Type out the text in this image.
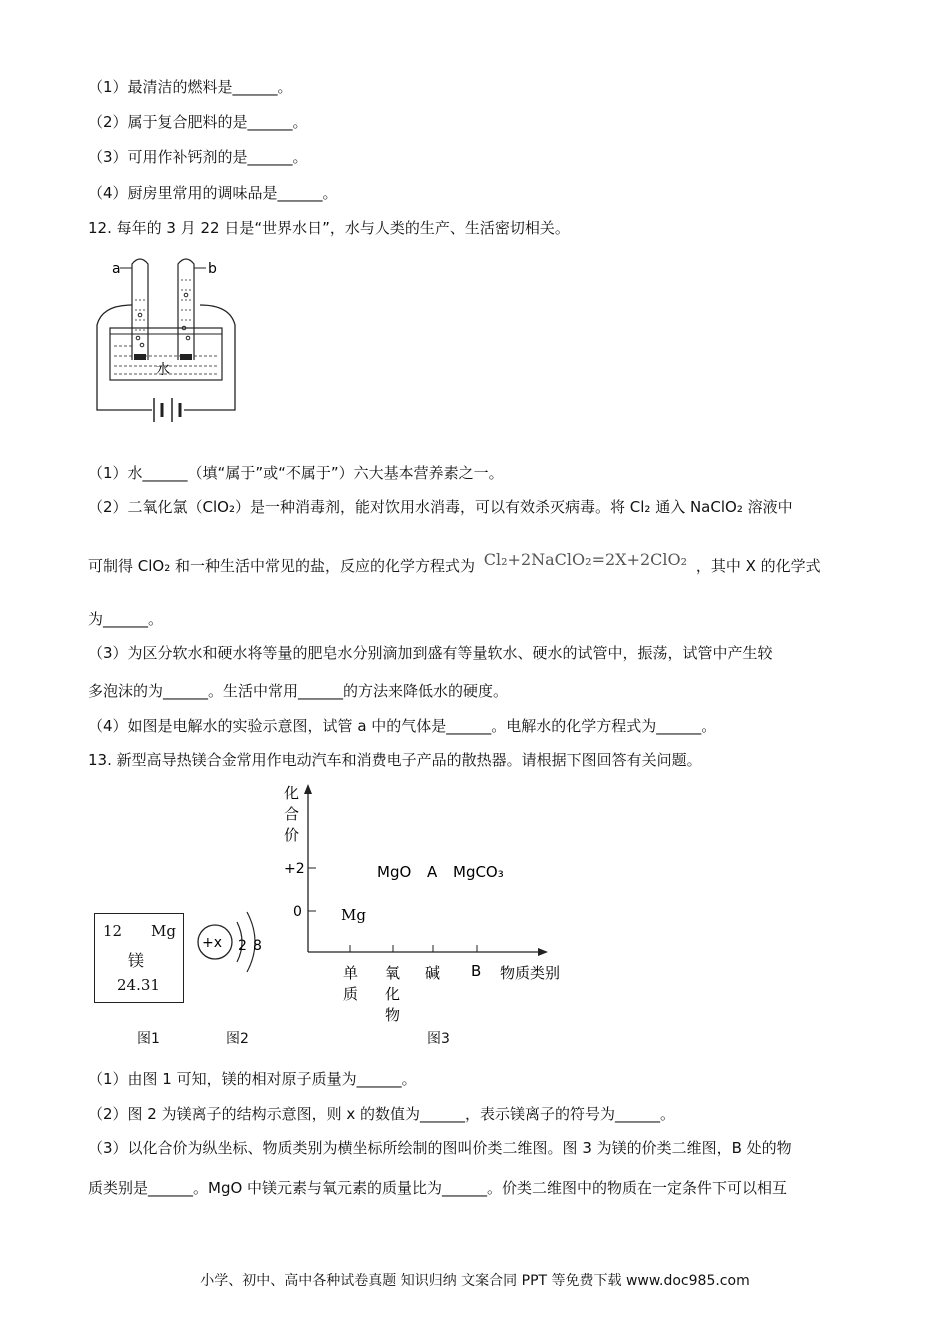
（1）最清洁的燃料是______。
（2）属于复合肥料的是______。
（3）可用作补钙剂的是______。
（4）厨房里常用的调味品是______。
12. 每年的 3 月 22 日是“世界水日”，水与人类的生产、生活密切相关。
a	b
水
（1）水______（填“属于”或“不属于”）六大基本营养素之一。
（2）二氧化氯（ClO₂）是一种消毒剂，能对饮用水消毒，可以有效杀灭病毒。将 Cl₂ 通入 NaClO₂ 溶液中
可制得 ClO₂ 和一种生活中常见的盐，反应的化学方程式为 Cl₂+2NaClO₂=2X+2ClO₂ ，其中 X 的化学式
为______。
（3）为区分软水和硬水将等量的肥皂水分别滴加到盛有等量软水、硬水的试管中，振荡，试管中产生较
多泡沫的为______。生活中常用______的方法来降低水的硬度。
（4）如图是电解水的实验示意图，试管 a 中的气体是______。电解水的化学方程式为______。
13. 新型高导热镁合金常用作电动汽车和消费电子产品的散热器。请根据下图回答有关问题。
12 Mg
镁
24.31
图1
+x 2 8
图2
化
合
价
+2
0	Mg
MgO A MgCO₃
单
质
氧
化
物
碱 B 物质类别
图3
（1）由图 1 可知，镁的相对原子质量为______。
（2）图 2 为镁离子的结构示意图，则 x 的数值为______，表示镁离子的符号为______。
（3）以化合价为纵坐标、物质类别为横坐标所绘制的图叫价类二维图。图 3 为镁的价类二维图，B 处的物
质类别是______。MgO 中镁元素与氧元素的质量比为______。价类二维图中的物质在一定条件下可以相互
小学、初中、高中各种试卷真题 知识归纳 文案合同 PPT 等免费下载 www.doc985.com
